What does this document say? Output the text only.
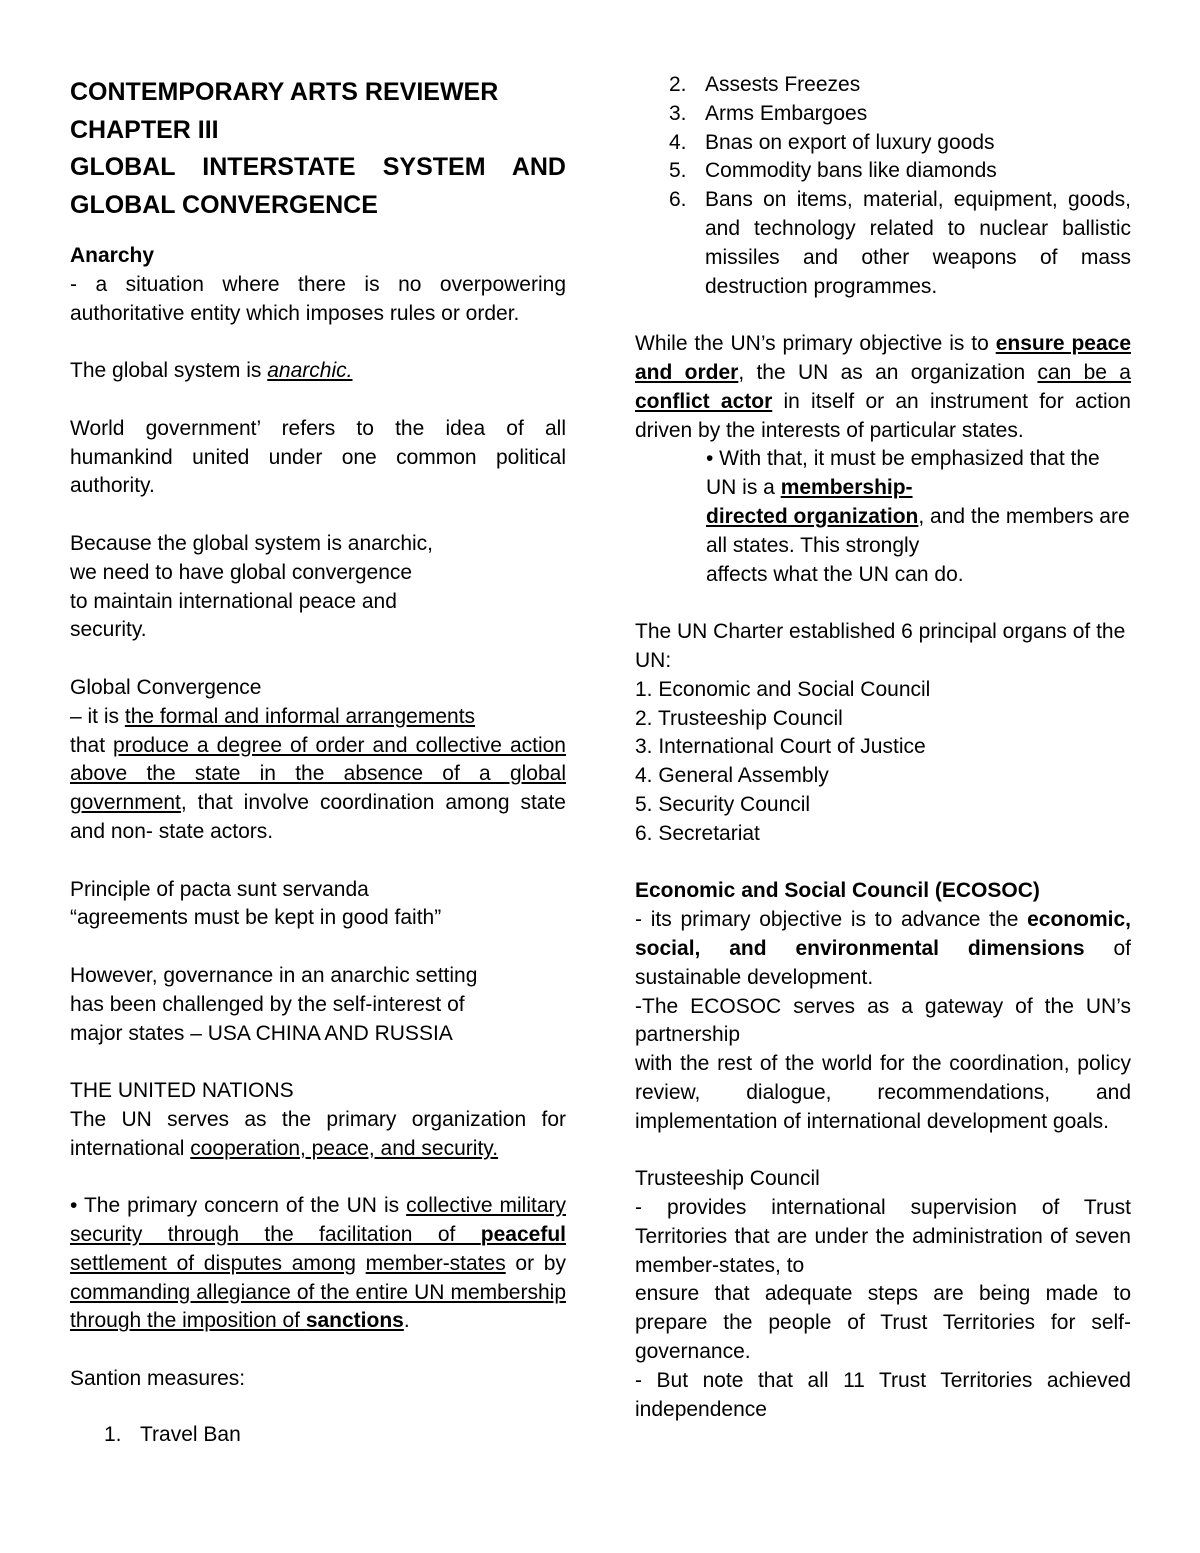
CONTEMPORARY ARTS REVIEWER

CHAPTER III

GLOBAL INTERSTATE SYSTEM AND

GLOBAL CONVERGENCE

Anarchy

- a situation where there is no overpowering authoritative entity which imposes rules or order.

The global system is anarchic.

World government’ refers to the idea of all humankind united under one common political authority.

Because the global system is anarchic,

we need to have global convergence

to maintain international peace and

security.

Global Convergence

– it is the formal and informal arrangements

that produce a degree of order and collective action above the state in the absence of a global government, that involve coordination among state and non- state actors.

Principle of pacta sunt servanda

“agreements must be kept in good faith”

However, governance in an anarchic setting

has been challenged by the self-interest of

major states – USA CHINA AND RUSSIA

THE UNITED NATIONS

The UN serves as the primary organization for international cooperation, peace, and security.

• The primary concern of the UN is collective military security through the facilitation of peaceful settlement of disputes among member-states or by commanding allegiance of the entire UN membership through the imposition of sanctions.

Santion measures:

1. Travel Ban
2. Assests Freezes
3. Arms Embargoes
4. Bnas on export of luxury goods
5. Commodity bans like diamonds
6. Bans on items, material, equipment, goods, and technology related to nuclear ballistic missiles and other weapons of mass destruction programmes.

While the UN’s primary objective is to ensure peace and order, the UN as an organization can be a conflict actor in itself or an instrument for action driven by the interests of particular states.

• With that, it must be emphasized that the

UN is a membership-

directed organization, and the members are

all states. This strongly

affects what the UN can do.

The UN Charter established 6 principal organs of the UN:

1. Economic and Social Council

2. Trusteeship Council

3. International Court of Justice

4. General Assembly

5. Security Council

6. Secretariat

Economic and Social Council (ECOSOC)

- its primary objective is to advance the economic, social, and environmental dimensions of sustainable development.

-The ECOSOC serves as a gateway of the UN’s partnership

with the rest of the world for the coordination, policy review, dialogue, recommendations, and implementation of international development goals.

Trusteeship Council

- provides international supervision of Trust Territories that are under the administration of seven member-states, to

ensure that adequate steps are being made to prepare the people of Trust Territories for self-governance.

- But note that all 11 Trust Territories achieved independence
